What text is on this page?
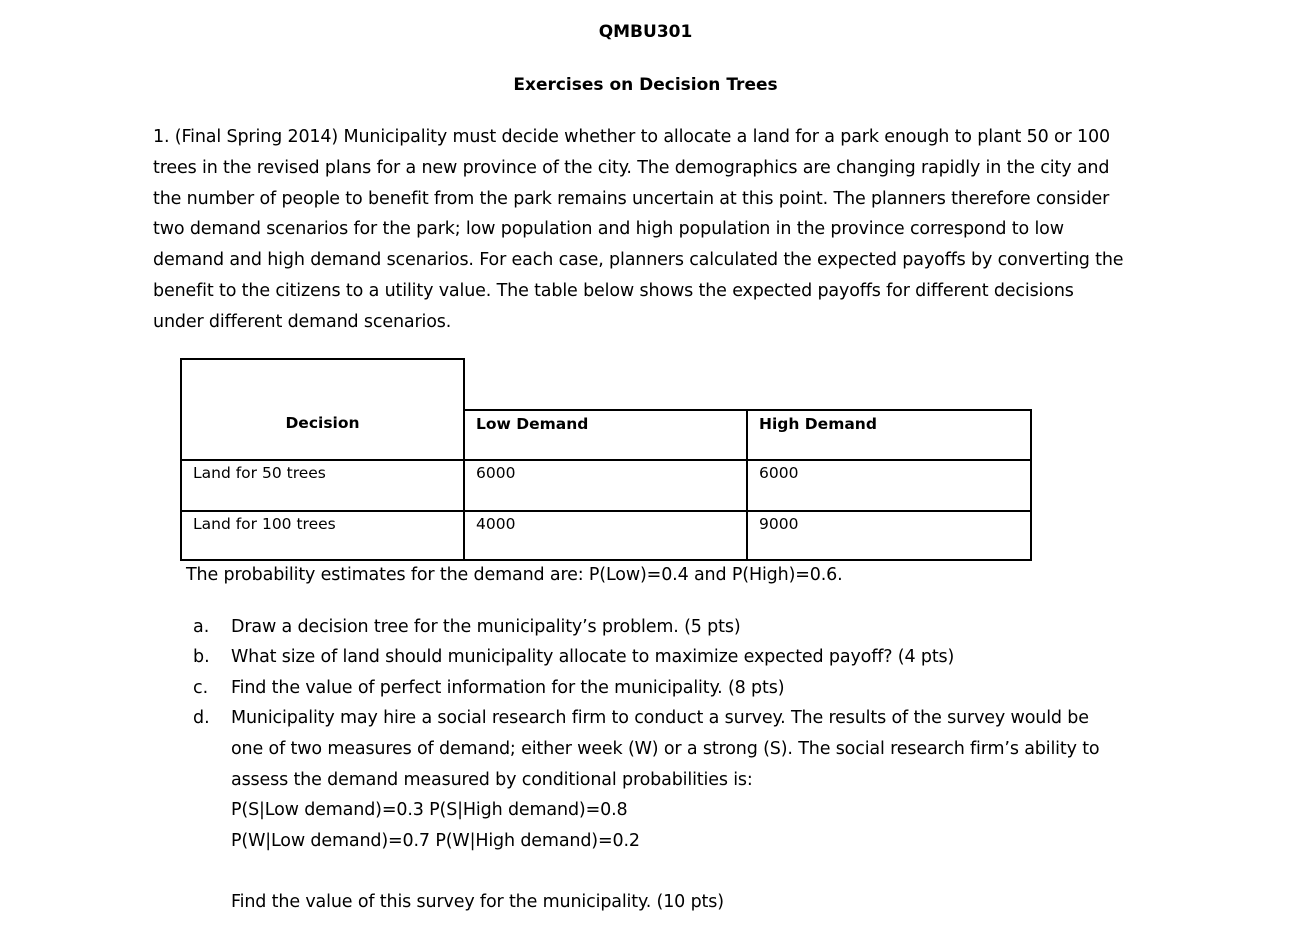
QMBU301
Exercises on Decision Trees
1. (Final Spring 2014) Municipality must decide whether to allocate a land for a park enough to plant 50 or 100
trees in the revised plans for a new province of the city. The demographics are changing rapidly in the city and
the number of people to benefit from the park remains uncertain at this point. The planners therefore consider
two demand scenarios for the park; low population and high population in the province correspond to low
demand and high demand scenarios. For each case, planners calculated the expected payoffs by converting the
benefit to the citizens to a utility value. The table below shows the expected payoffs for different decisions
under different demand scenarios.
Decision	Low Demand	High Demand
Land for 50 trees	6000	6000
Land for 100 trees	4000	9000
The probability estimates for the demand are: P(Low)=0.4 and P(High)=0.6.
a. Draw a decision tree for the municipality’s problem. (5 pts)
b. What size of land should municipality allocate to maximize expected payoff? (4 pts)
c. Find the value of perfect information for the municipality. (8 pts)
d. Municipality may hire a social research firm to conduct a survey. The results of the survey would be
one of two measures of demand; either week (W) or a strong (S). The social research firm’s ability to
assess the demand measured by conditional probabilities is:
P(S|Low demand)=0.3 P(S|High demand)=0.8
P(W|Low demand)=0.7 P(W|High demand)=0.2
Find the value of this survey for the municipality. (10 pts)
